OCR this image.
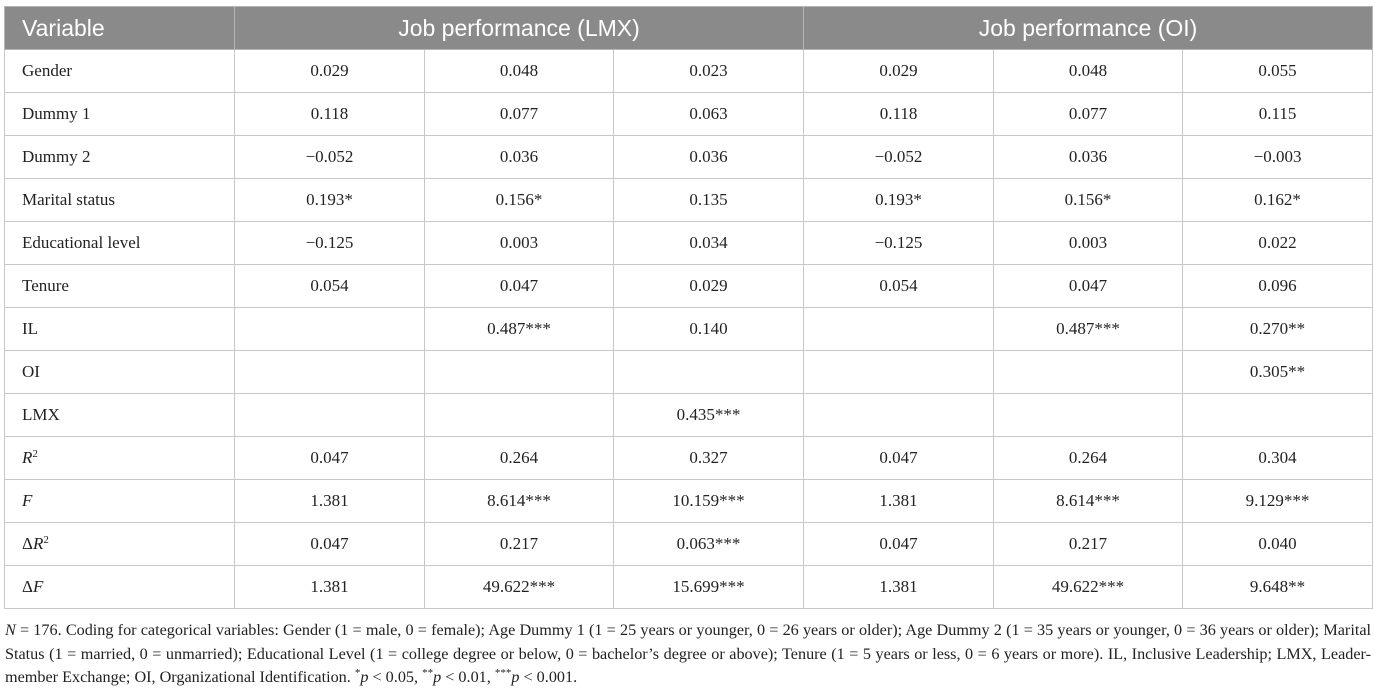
Variable	Job performance (LMX)			Job performance (OI)		
Gender	0.029	0.048	0.023	0.029	0.048	0.055
Dummy 1	0.118	0.077	0.063	0.118	0.077	0.115
Dummy 2	−0.052	0.036	0.036	−0.052	0.036	−0.003
Marital status	0.193*	0.156*	0.135	0.193*	0.156*	0.162*
Educational level	−0.125	0.003	0.034	−0.125	0.003	0.022
Tenure	0.054	0.047	0.029	0.054	0.047	0.096
IL		0.487***	0.140		0.487***	0.270**
OI						0.305**
LMX			0.435***			
$R^2$	0.047	0.264	0.327	0.047	0.264	0.304
F	1.381	8.614***	10.159***	1.381	8.614***	9.129***
$\Delta R^2$	0.047	0.217	0.063***	0.047	0.217	0.040
ΔF	1.381	49.622***	15.699***	1.381	49.622***	9.648**
N = 176. Coding for categorical variables: Gender (1 = male, 0 = female); Age Dummy 1 (1 = 25 years or younger, 0 = 26 years or older); Age Dummy 2 (1 = 35 years or younger, 0 = 36 years or older); Marital Status (1 = married, 0 = unmarried); Educational Level (1 = college degree or below, 0 = bachelor’s degree or above); Tenure (1 = 5 years or less, 0 = 6 years or more). IL, Inclusive Leadership; LMX, Leader-member Exchange; OI, Organizational Identification. *p < 0.05, **p < 0.01, ***p < 0.001.
